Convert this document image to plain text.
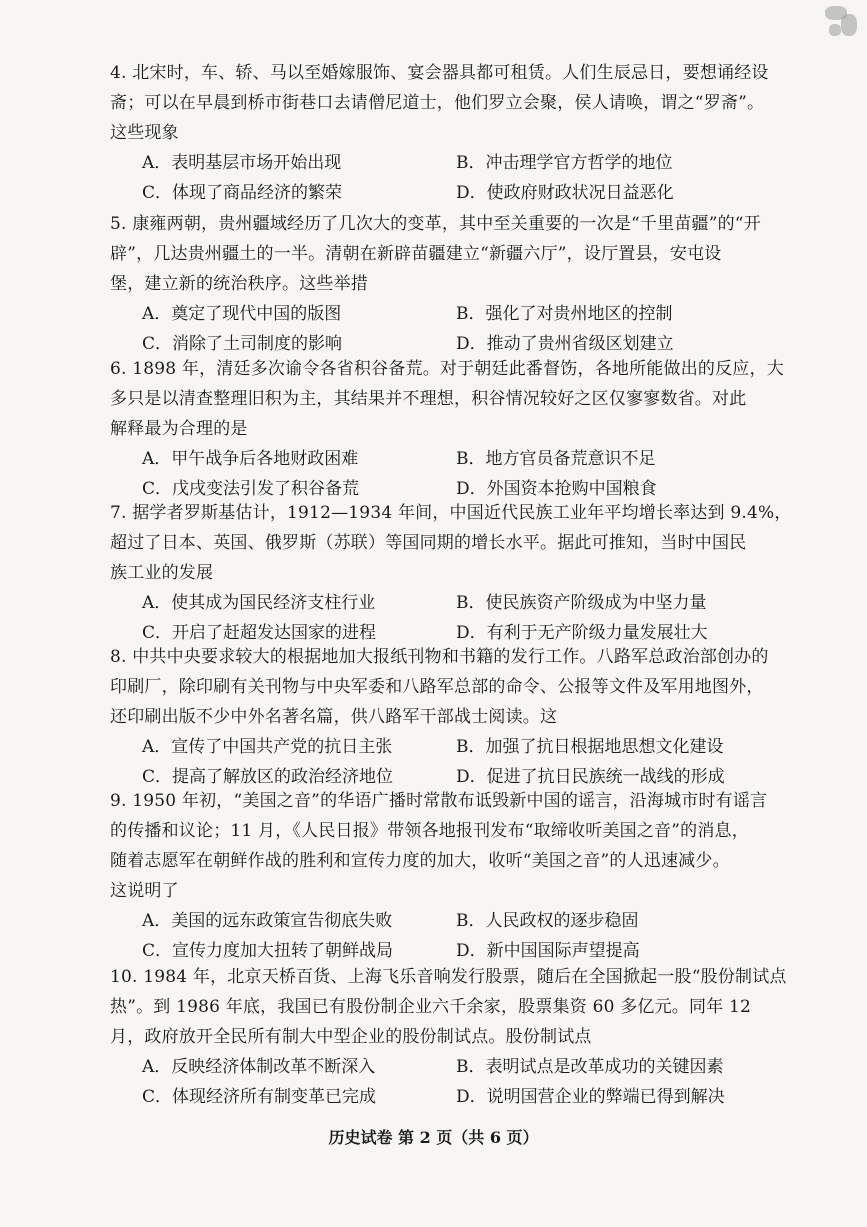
4. 北宋时，车、轿、马以至婚嫁服饰、宴会器具都可租赁。人们生辰忌日，要想诵经设
斋；可以在早晨到桥市街巷口去请僧尼道士，他们罗立会聚，侯人请唤，谓之“罗斋”。
这些现象
A．表明基层市场开始出现	B．冲击理学官方哲学的地位
C．体现了商品经济的繁荣	D．使政府财政状况日益恶化
5. 康雍两朝，贵州疆域经历了几次大的变革，其中至关重要的一次是“千里苗疆”的“开
辟”，几达贵州疆土的一半。清朝在新辟苗疆建立“新疆六厅”，设厅置县，安屯设
堡，建立新的统治秩序。这些举措
A．奠定了现代中国的版图	B．强化了对贵州地区的控制
C．消除了土司制度的影响	D．推动了贵州省级区划建立
6. 1898 年，清廷多次谕令各省积谷备荒。对于朝廷此番督饬，各地所能做出的反应，大
多只是以清查整理旧积为主，其结果并不理想，积谷情况较好之区仅寥寥数省。对此
解释最为合理的是
A．甲午战争后各地财政困难	B．地方官员备荒意识不足
C．戊戌变法引发了积谷备荒	D．外国资本抢购中国粮食
7. 据学者罗斯基估计，1912—1934 年间，中国近代民族工业年平均增长率达到 9.4%，
超过了日本、英国、俄罗斯（苏联）等国同期的增长水平。据此可推知，当时中国民
族工业的发展
A．使其成为国民经济支柱行业	B．使民族资产阶级成为中坚力量
C．开启了赶超发达国家的进程	D．有利于无产阶级力量发展壮大
8. 中共中央要求较大的根据地加大报纸刊物和书籍的发行工作。八路军总政治部创办的
印刷厂，除印刷有关刊物与中央军委和八路军总部的命令、公报等文件及军用地图外，
还印刷出版不少中外名著名篇，供八路军干部战士阅读。这
A．宣传了中国共产党的抗日主张	B．加强了抗日根据地思想文化建设
C．提高了解放区的政治经济地位	D．促进了抗日民族统一战线的形成
9. 1950 年初，“美国之音”的华语广播时常散布诋毁新中国的谣言，沿海城市时有谣言
的传播和议论；11 月，《人民日报》带领各地报刊发布“取缔收听美国之音”的消息，
随着志愿军在朝鲜作战的胜利和宣传力度的加大，收听“美国之音”的人迅速减少。
这说明了
A．美国的远东政策宣告彻底失败	B．人民政权的逐步稳固
C．宣传力度加大扭转了朝鲜战局	D．新中国国际声望提高
10. 1984 年，北京天桥百货、上海飞乐音响发行股票，随后在全国掀起一股“股份制试点
热”。到 1986 年底，我国已有股份制企业六千余家，股票集资 60 多亿元。同年 12
月，政府放开全民所有制大中型企业的股份制试点。股份制试点
A．反映经济体制改革不断深入	B．表明试点是改革成功的关键因素
C．体现经济所有制变革已完成	D．说明国营企业的弊端已得到解决
历史试卷 第 2 页（共 6 页）
